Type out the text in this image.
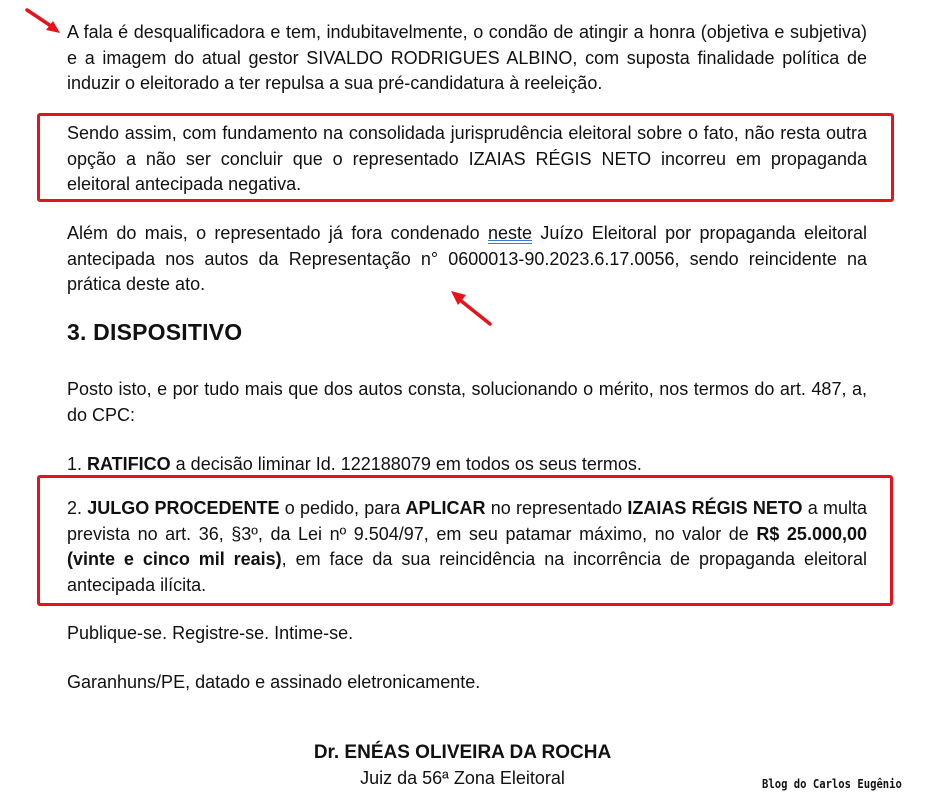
A fala é desqualificadora e tem, indubitavelmente, o condão de atingir a honra (objetiva e subjetiva) e a imagem do atual gestor SIVALDO RODRIGUES ALBINO, com suposta finalidade política de induzir o eleitorado a ter repulsa a sua pré-candidatura à reeleição.

Sendo assim, com fundamento na consolidada jurisprudência eleitoral sobre o fato, não resta outra opção a não ser concluir que o representado IZAIAS RÉGIS NETO incorreu em propaganda eleitoral antecipada negativa.

Além do mais, o representado já fora condenado neste Juízo Eleitoral por propaganda eleitoral antecipada nos autos da Representação n° 0600013-90.2023.6.17.0056, sendo reincidente na prática deste ato.

3. DISPOSITIVO

Posto isto, e por tudo mais que dos autos consta, solucionando o mérito, nos termos do art. 487, a, do CPC:

1. RATIFICO a decisão liminar Id. 122188079 em todos os seus termos.

2. JULGO PROCEDENTE o pedido, para APLICAR no representado IZAIAS RÉGIS NETO a multa prevista no art. 36, §3º, da Lei nº 9.504/97, em seu patamar máximo, no valor de R$ 25.000,00 (vinte e cinco mil reais), em face da sua reincidência na incorrência de propaganda eleitoral antecipada ilícita.

Publique-se. Registre-se. Intime-se.

Garanhuns/PE, datado e assinado eletronicamente.

Dr. ENÉAS OLIVEIRA DA ROCHA
Juiz da 56ª Zona Eleitoral	Blog do Carlos Eugênio
